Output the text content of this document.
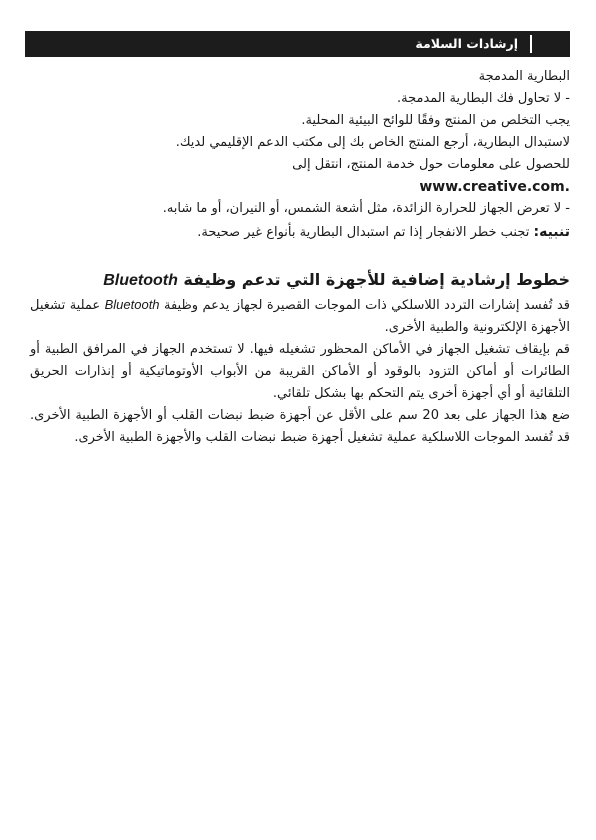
إرشادات السلامة
البطارية المدمجة
- لا تحاول فك البطارية المدمجة.
يجب التخلص من المنتج وفقًا للوائح البيئية المحلية.
لاستبدال البطارية، أرجع المنتج الخاص بك إلى مكتب الدعم الإقليمي لديك.
للحصول على معلومات حول خدمة المنتج، انتقل إلى
www.creative.com.
- لا تعرض الجهاز للحرارة الزائدة، مثل أشعة الشمس، أو النيران، أو ما شابه.
تنبيه: تجنب خطر الانفجار إذا تم استبدال البطارية بأنواع غير صحيحة.
خطوط إرشادية إضافية للأجهزة التي تدعم وظيفة Bluetooth

قد تُفسد إشارات التردد اللاسلكي ذات الموجات القصيرة لجهاز يدعم وظيفة Bluetooth عملية تشغيل الأجهزة الإلكترونية والطبية الأخرى.

قم بإيقاف تشغيل الجهاز في الأماكن المحظور تشغيله فيها. لا تستخدم الجهاز في المرافق الطبية أو الطائرات أو أماكن التزود بالوقود أو الأماكن القريبة من الأبواب الأوتوماتيكية أو إنذارات الحريق التلقائية أو أي أجهزة أخرى يتم التحكم بها بشكل تلقائي.

ضع هذا الجهاز على بعد 20 سم على الأقل عن أجهزة ضبط نبضات القلب أو الأجهزة الطبية الأخرى. قد تُفسد الموجات اللاسلكية عملية تشغيل أجهزة ضبط نبضات القلب والأجهزة الطبية الأخرى.
